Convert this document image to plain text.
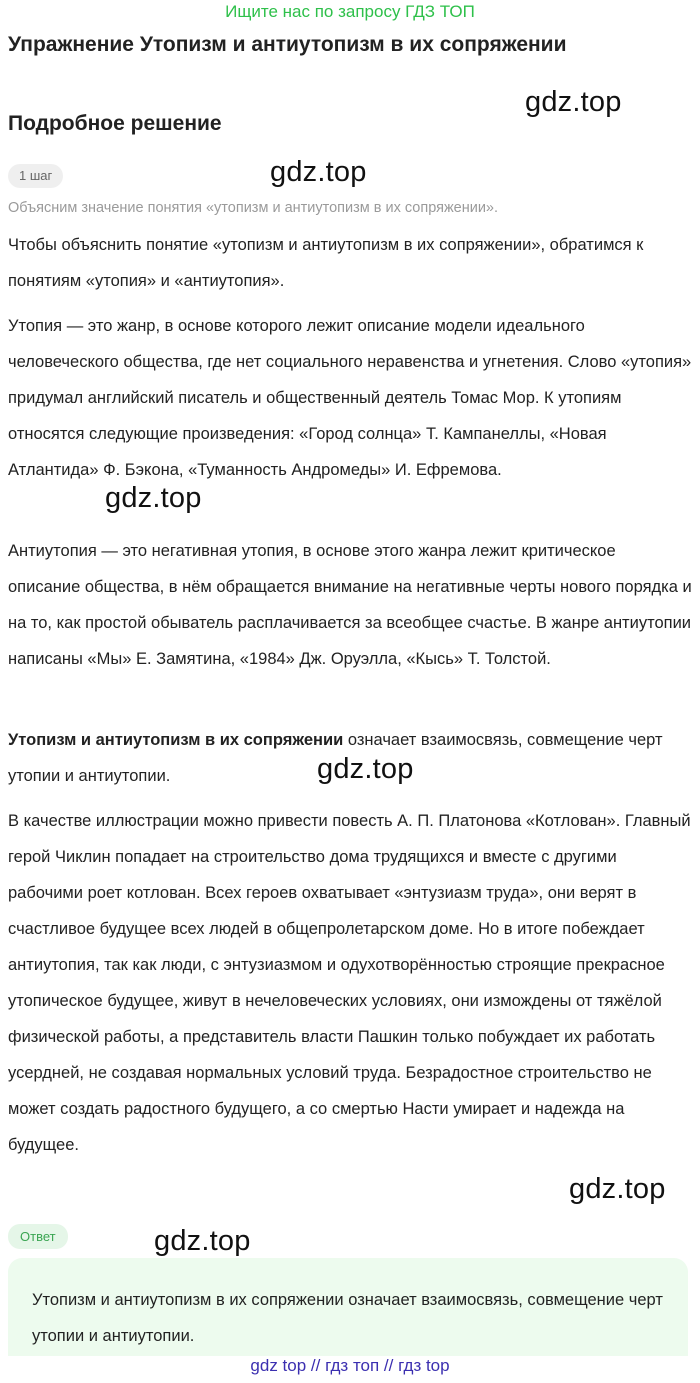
Ищите нас по запросу ГДЗ ТОП
Упражнение Утопизм и антиутопизм в их сопряжении
Подробное решение
1 шаг
Объясним значение понятия «утопизм и антиутопизм в их сопряжении».

Чтобы объяснить понятие «утопизм и антиутопизм в их сопряжении», обратимся к понятиям «утопия» и «антиутопия».

Утопия — это жанр, в основе которого лежит описание модели идеального человеческого общества, где нет социального неравенства и угнетения. Слово «утопия» придумал английский писатель и общественный деятель Томас Мор. К утопиям относятся следующие произведения: «Город солнца» Т. Кампанеллы, «Новая Атлантида» Ф. Бэкона, «Туманность Андромеды» И. Ефремова.

Антиутопия — это негативная утопия, в основе этого жанра лежит критическое описание общества, в нём обращается внимание на негативные черты нового порядка и на то, как простой обыватель расплачивается за всеобщее счастье. В жанре антиутопии написаны «Мы» Е. Замятина, «1984» Дж. Оруэлла, «Кысь» Т. Толстой.

Утопизм и антиутопизм в их сопряжении означает взаимосвязь, совмещение черт утопии и антиутопии.

В качестве иллюстрации можно привести повесть А. П. Платонова «Котлован». Главный герой Чиклин попадает на строительство дома трудящихся и вместе с другими рабочими роет котлован. Всех героев охватывает «энтузиазм труда», они верят в счастливое будущее всех людей в общепролетарском доме. Но в итоге побеждает антиутопия, так как люди, с энтузиазмом и одухотворённостью строящие прекрасное утопическое будущее, живут в нечеловеческих условиях, они измождены от тяжёлой физической работы, а представитель власти Пашкин только побуждает их работать усердней, не создавая нормальных условий труда. Безрадостное строительство не может создать радостного будущего, а со смертью Насти умирает и надежда на будущее.

Ответ

Утопизм и антиутопизм в их сопряжении означает взаимосвязь, совмещение черт утопии и антиутопии.

gdz.top
gdz.top
gdz.top
gdz.top
gdz.top
gdz.top
gdz top // гдз топ // гдз top
